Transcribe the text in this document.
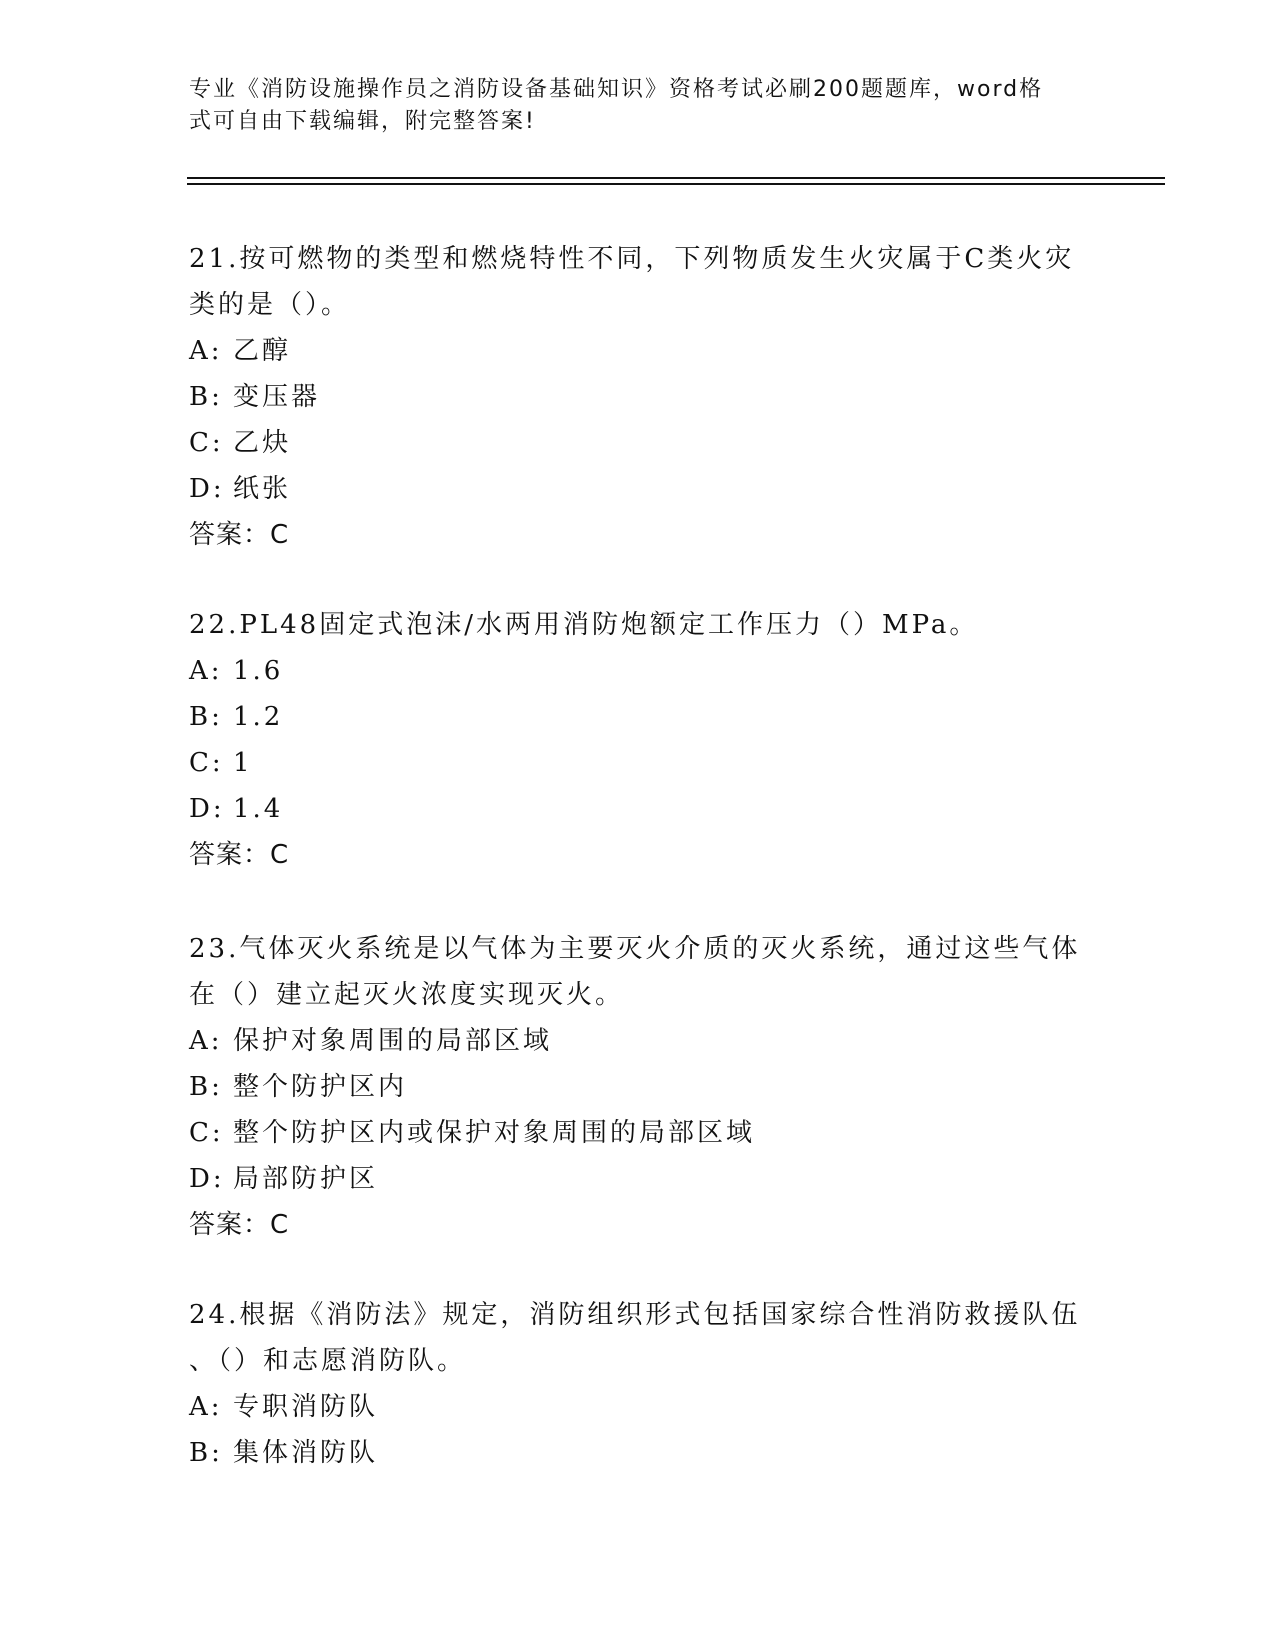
专业《消防设施操作员之消防设备基础知识》资格考试必刷200题题库，word格
式可自由下载编辑，附完整答案!

21.按可燃物的类型和燃烧特性不同，下列物质发生火灾属于C类火灾
类的是（）。

A: 乙醇

B: 变压器

C: 乙炔

D: 纸张

答案：C

22.PL48固定式泡沫/水两用消防炮额定工作压力（）MPa。

A: 1.6

B: 1.2

C: 1

D: 1.4

答案：C

23.气体灭火系统是以气体为主要灭火介质的灭火系统，通过这些气体
在（）建立起灭火浓度实现灭火。

A: 保护对象周围的局部区域

B: 整个防护区内

C: 整个防护区内或保护对象周围的局部区域

D: 局部防护区

答案：C

24.根据《消防法》规定，消防组织形式包括国家综合性消防救援队伍
、（）和志愿消防队。

A: 专职消防队

B: 集体消防队
